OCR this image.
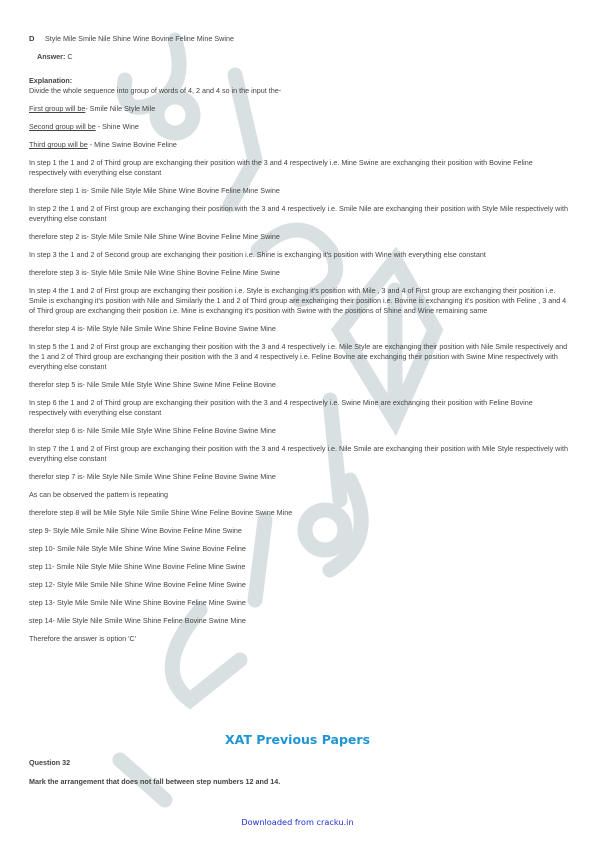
D	Style Mile Smile Nile Shine Wine Bovine Feline Mine Swine
Answer: C
Explanation:
Divide the whole sequence into group of words of 4, 2 and 4 so in the input the-
First group will be- Smile Nile Style Mile
Second group will be - Shine Wine
Third group will be - Mine Swine Bovine Feline
In step 1 the 1 and 2 of Third group are exchanging their position with the 3 and 4 respectively i.e. Mine Swine are exchanging their position with Bovine Feline respectively with everything else constant
therefore step 1 is- Smile Nile Style Mile Shine Wine Bovine Feline Mine Swine
In step 2 the 1 and 2 of First group are exchanging their position with the 3 and 4 respectively i.e. Smile Nile are exchanging their position with Style Mile respectively with everything else constant
therefore step 2 is- Style Mile Smile Nile Shine Wine Bovine Feline Mine Swine
In step 3 the 1 and 2 of Second group are exchanging their position i.e. Shine is exchanging it's position with Wine with everything else constant
therefore step 3 is- Style Mile Smile Nile Wine Shine Bovine Feline Mine Swine
In step 4 the 1 and 2 of First group are exchanging their position i.e. Style is exchanging it's position with Mile , 3 and 4 of First group are exchanging their position i.e. Smile is exchanging it's position with Nile and Similarly the 1 and 2 of Third group are exchanging their position i.e. Bovine is exchanging it's position with Feline , 3 and 4 of Third group are exchanging their position i.e. Mine is exchanging it's position with Swine with the positions of Shine and Wine remaining same
therefor step 4 is- Mile Style Nile Smile Wine Shine Feline Bovine Swine Mine
In step 5 the 1 and 2 of First group are exchanging their position with the 3 and 4 respectively i.e. Mile Style are exchanging their position with Nile Smile respectively and the 1 and 2 of Third group are exchanging their position with the 3 and 4 respectively i.e. Feline Bovine are exchanging their position with Swine Mine respectively with everything else constant
therefor step 5 is- Nile Smile Mile Style Wine Shine Swine Mine Feline Bovine
In step 6 the 1 and 2 of Third group are exchanging their position with the 3 and 4 respectively i.e. Swine Mine are exchanging their position with Feline Bovine respectively with everything else constant
therefor step 6 is- Nile Smile Mile Style Wine Shine Feline Bovine Swine Mine
In step 7 the 1 and 2 of First group are exchanging their position with the 3 and 4 respectively i.e. Nile Smile are exchanging their position with Mile Style respectively with everything else constant
therefor step 7 is- Mile Style Nile Smile Wine Shine Feline Bovine Swine Mine
As can be observed the pattern is repeating
therefore step 8 will be Mile Style Nile Smile Shine Wine Feline Bovine Swine Mine
step 9- Style Mile Smile Nile Shine Wine Bovine Feline Mine Swine
step 10- Smile Nile Style Mile Shine Wine Mine Swine Bovine Feline
step 11- Smile Nile Style Mile Shine Wine Bovine Feline Mine Swine
step 12- Style Mile Smile Nile Shine Wine Bovine Feline Mine Swine
step 13- Style Mile Smile Nile Wine Shine Bovine Feline Mine Swine
step 14- Mile Style Nile Smile Wine Shine Feline Bovine Swine Mine
Therefore the answer is option 'C'
XAT Previous Papers
Question 32
Mark the arrangement that does not fall between step numbers 12 and 14.
Downloaded from cracku.in
